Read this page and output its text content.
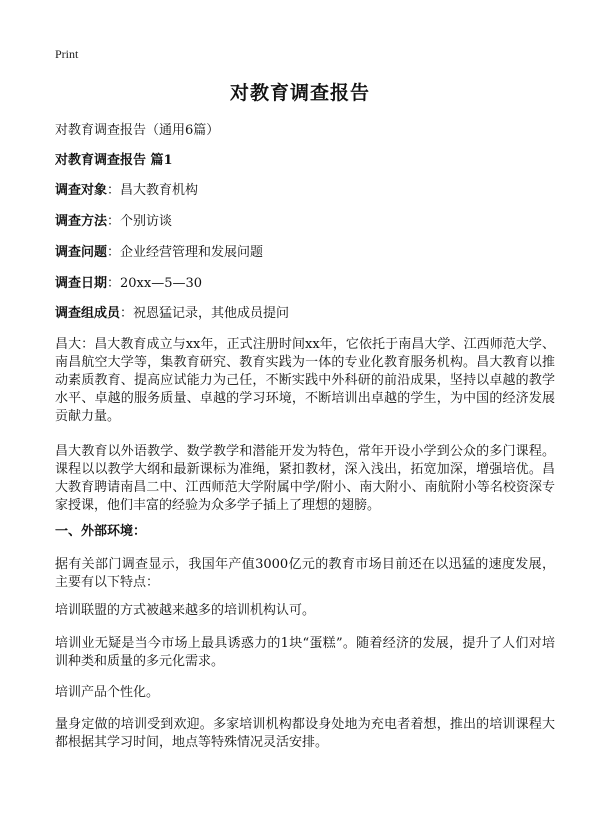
Print
对教育调查报告
对教育调查报告（通用6篇）
对教育调查报告 篇1
调查对象：昌大教育机构
调查方法：个别访谈
调查问题：企业经营管理和发展问题
调查日期：20xx—5—30
调查组成员：祝恩猛记录，其他成员提问
昌大：昌大教育成立与xx年，正式注册时间xx年，它依托于南昌大学、江西师范大学、南昌航空大学等，集教育研究、教育实践为一体的专业化教育服务机构。昌大教育以推动素质教育、提高应试能力为己任，不断实践中外科研的前沿成果，坚持以卓越的教学水平、卓越的服务质量、卓越的学习环境，不断培训出卓越的学生，为中国的经济发展贡献力量。
昌大教育以外语教学、数学教学和潜能开发为特色，常年开设小学到公众的多门课程。课程以以教学大纲和最新课标为准绳，紧扣教材，深入浅出，拓宽加深，增强培优。昌大教育聘请南昌二中、江西师范大学附属中学/附小、南大附小、南航附小等名校资深专家授课，他们丰富的经验为众多学子插上了理想的翅膀。
一、外部环境：
据有关部门调查显示，我国年产值3000亿元的教育市场目前还在以迅猛的速度发展，主要有以下特点：
培训联盟的方式被越来越多的培训机构认可。
培训业无疑是当今市场上最具诱惑力的1块“蛋糕”。随着经济的发展，提升了人们对培训种类和质量的多元化需求。
培训产品个性化。
量身定做的培训受到欢迎。多家培训机构都设身处地为充电者着想，推出的培训课程大都根据其学习时间，地点等特殊情况灵活安排。
